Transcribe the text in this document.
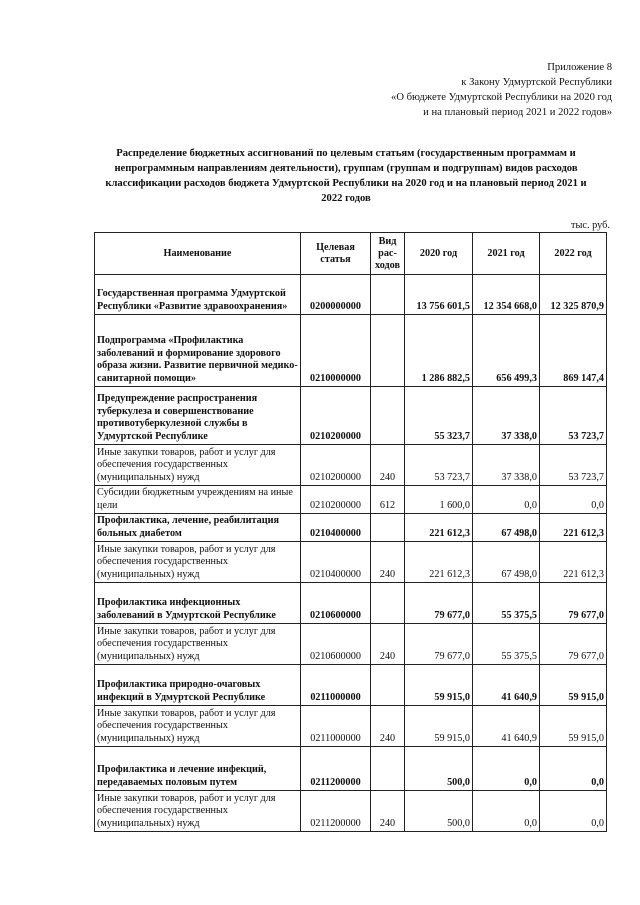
Приложение 8
к Закону Удмуртской Республики
«О бюджете Удмуртской Республики на 2020 год
и на плановый период 2021 и 2022 годов»
Распределение бюджетных ассигнований по целевым статьям (государственным программам и непрограммным направлениям деятельности), группам (группам и подгруппам) видов расходов классификации расходов бюджета Удмуртской Республики на 2020 год и на плановый период 2021 и 2022 годов
тыс. руб.
Наименование	Целевая статья	Вид рас-ходов	2020 год	2021 год	2022 год
Государственная программа Удмуртской Республики «Развитие здравоохранения»	0200000000		13 756 601,5	12 354 668,0	12 325 870,9
Подпрограмма «Профилактика заболеваний и формирование здорового образа жизни. Развитие первичной медико-санитарной помощи»	0210000000		1 286 882,5	656 499,3	869 147,4
Предупреждение распространения туберкулеза и совершенствование противотуберкулезной службы в Удмуртской Республике	0210200000		55 323,7	37 338,0	53 723,7
Иные закупки товаров, работ и услуг для обеспечения государственных (муниципальных) нужд	0210200000	240	53 723,7	37 338,0	53 723,7
Субсидии бюджетным учреждениям на иные цели	0210200000	612	1 600,0	0,0	0,0
Профилактика, лечение, реабилитация больных диабетом	0210400000		221 612,3	67 498,0	221 612,3
Иные закупки товаров, работ и услуг для обеспечения государственных (муниципальных) нужд	0210400000	240	221 612,3	67 498,0	221 612,3
Профилактика инфекционных заболеваний в Удмуртской Республике	0210600000		79 677,0	55 375,5	79 677,0
Иные закупки товаров, работ и услуг для обеспечения государственных (муниципальных) нужд	0210600000	240	79 677,0	55 375,5	79 677,0
Профилактика природно-очаговых инфекций в Удмуртской Республике	0211000000		59 915,0	41 640,9	59 915,0
Иные закупки товаров, работ и услуг для обеспечения государственных (муниципальных) нужд	0211000000	240	59 915,0	41 640,9	59 915,0
Профилактика и лечение инфекций, передаваемых половым путем	0211200000		500,0	0,0	0,0
Иные закупки товаров, работ и услуг для обеспечения государственных (муниципальных) нужд	0211200000	240	500,0	0,0	0,0
